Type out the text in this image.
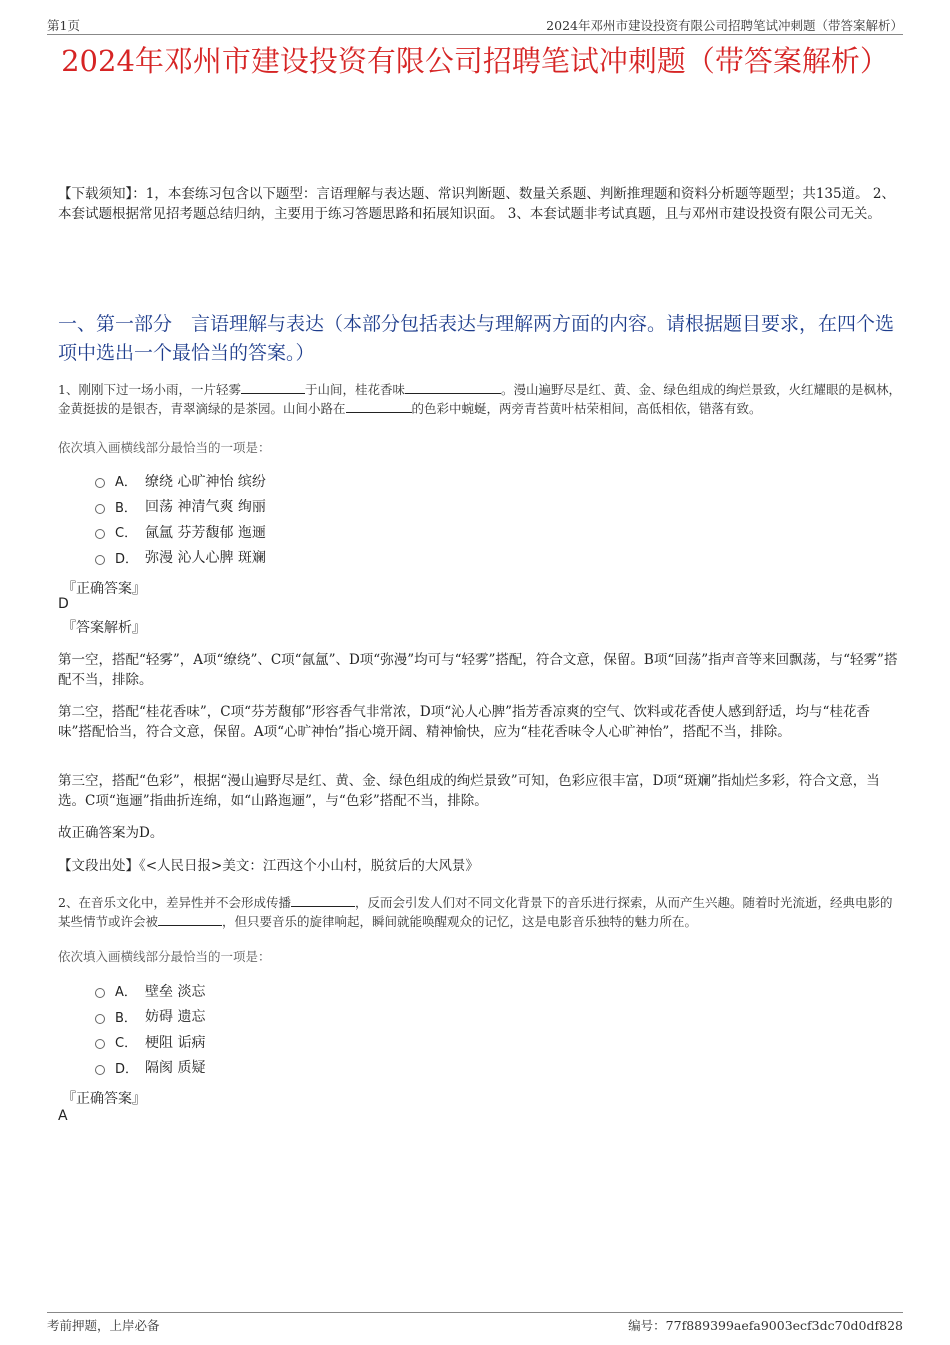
第1页	2024年邓州市建设投资有限公司招聘笔试冲刺题（带答案解析）
2024年邓州市建设投资有限公司招聘笔试冲刺题（带答案解析）
【下载须知】：1，本套练习包含以下题型：言语理解与表达题、常识判断题、数量关系题、判断推理题和资料分析题等题型；共135道。 2、本套试题根据常见招考题总结归纳，主要用于练习答题思路和拓展知识面。 3、本套试题非考试真题，且与邓州市建设投资有限公司无关。
一、第一部分　言语理解与表达（本部分包括表达与理解两方面的内容。请根据题目要求，在四个选项中选出一个最恰当的答案。）
1、刚刚下过一场小雨，一片轻雾	于山间，桂花香味	。漫山遍野尽是红、黄、金、绿色组成的绚烂景致，火红耀眼的是枫林，金黄挺拔的是银杏，青翠滴绿的是茶园。山间小路在	的色彩中蜿蜒，两旁青苔黄叶枯荣相间，高低相依，错落有致。
依次填入画横线部分最恰当的一项是：
A． 缭绕 心旷神怡 缤纷
B． 回荡 神清气爽 绚丽
C． 氤氲 芬芳馥郁 迤逦
D． 弥漫 沁人心脾 斑斓
『正确答案』
D
『答案解析』
第一空，搭配“轻雾”，A项“缭绕”、C项“氤氲”、D项“弥漫”均可与“轻雾”搭配，符合文意，保留。B项“回荡”指声音等来回飘荡，与“轻雾”搭配不当，排除。
第二空，搭配“桂花香味”，C项“芬芳馥郁”形容香气非常浓，D项“沁人心脾”指芳香凉爽的空气、饮料或花香使人感到舒适，均与“桂花香味”搭配恰当，符合文意，保留。A项“心旷神怡”指心境开阔、精神愉快，应为“桂花香味令人心旷神怡”，搭配不当，排除。
第三空，搭配“色彩”，根据“漫山遍野尽是红、黄、金、绿色组成的绚烂景致”可知，色彩应很丰富，D项“斑斓”指灿烂多彩，符合文意，当选。C项“迤逦”指曲折连绵，如“山路迤逦”，与“色彩”搭配不当，排除。
故正确答案为D。
【文段出处】《<人民日报>美文：江西这个小山村，脱贫后的大风景》
2、在音乐文化中，差异性并不会形成传播	，反而会引发人们对不同文化背景下的音乐进行探索，从而产生兴趣。随着时光流逝，经典电影的某些情节或许会被	，但只要音乐的旋律响起，瞬间就能唤醒观众的记忆，这是电影音乐独特的魅力所在。
依次填入画横线部分最恰当的一项是：
A． 壁垒 淡忘
B． 妨碍 遗忘
C． 梗阻 诟病
D． 隔阂 质疑
『正确答案』
A
考前押题，上岸必备	编号：77f889399aefa9003ecf3dc70d0df828
